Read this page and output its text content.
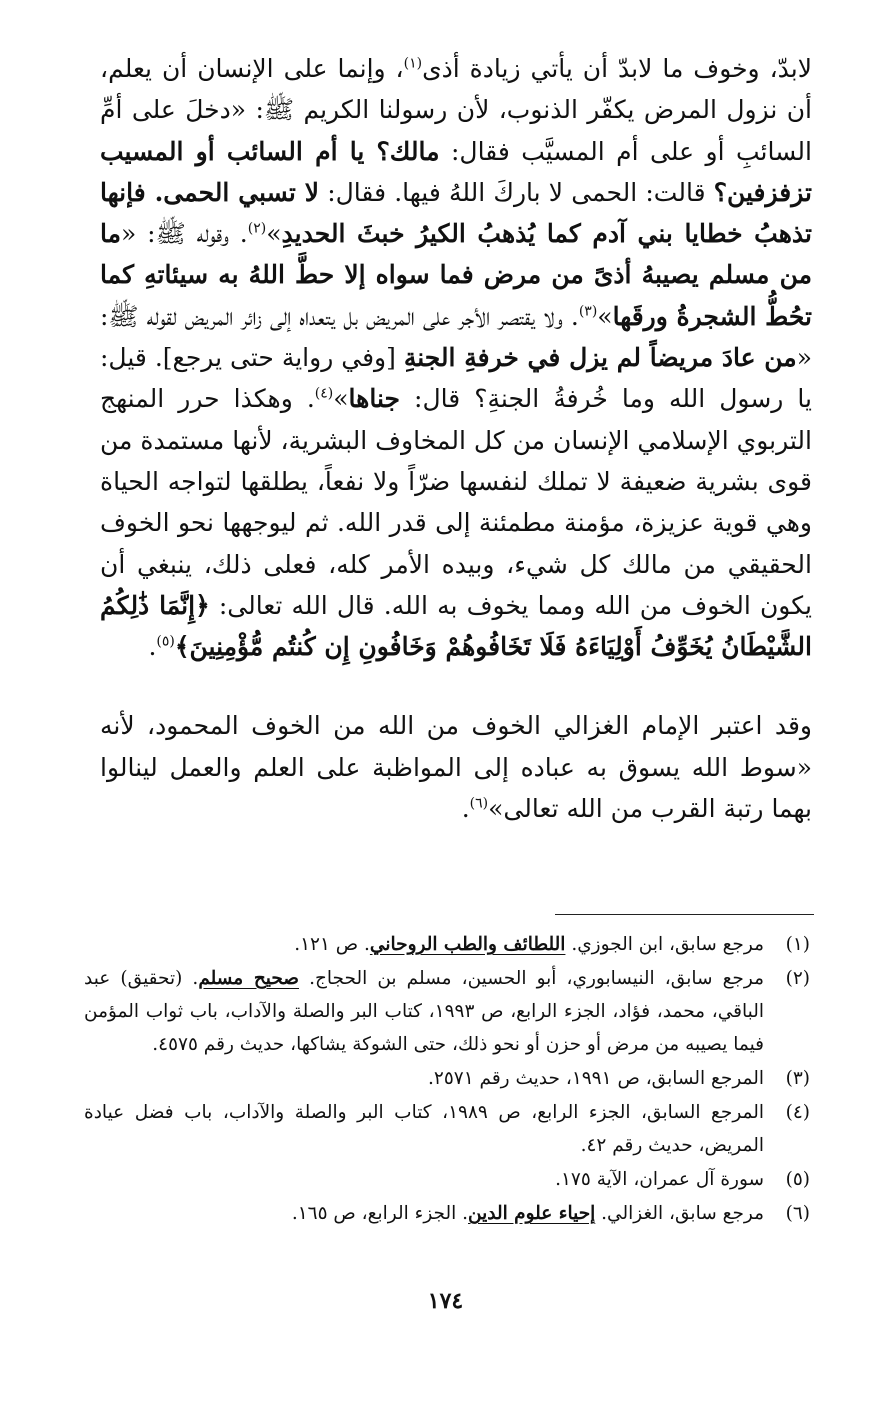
لابدّ، وخوف ما لابدّ أن يأتي زيادة أذى$^{(١)}$، وإنما على الإنسان أن يعلم، أن نزول المرض يكفّر الذنوب، لأن رسولنا الكريم ﷺ: «دخلَ على أمِّ السائبِ أو على أم المسيَّب فقال: مالك؟ يا أم السائب أو المسيب تزفزفين؟ قالت: الحمى لا باركَ اللهُ فيها. فقال: لا تسبي الحمى. فإنها تذهبُ خطايا بني آدم كما يُذهبُ الكيرُ خبثَ الحديدِ»$^{(٢)}$. وقوله ﷺ: «ما من مسلم يصيبهُ أذىً من مرض فما سواه إلا حطَّ اللهُ به سيئاتهِ كما تحُطُّ الشجرةُ ورقَها»$^{(٣)}$. ولا يقتصر الأجر على المريض بل يتعداه إلى زائر المريض لقوله ﷺ: «من عادَ مريضاً لم يزل في خرفةِ الجنةِ [وفي رواية حتى يرجع]. قيل: يا رسول الله وما خُرفةُ الجنةِ؟ قال: جناها»$^{(٤)}$. وهكذا حرر المنهج التربوي الإسلامي الإنسان من كل المخاوف البشرية، لأنها مستمدة من قوى بشرية ضعيفة لا تملك لنفسها ضرّاً ولا نفعاً، يطلقها لتواجه الحياة وهي قوية عزيزة، مؤمنة مطمئنة إلى قدر الله. ثم ليوجهها نحو الخوف الحقيقي من مالك كل شيء، وبيده الأمر كله، فعلى ذلك، ينبغي أن يكون الخوف من الله ومما يخوف به الله. قال الله تعالى: ﴿إِنَّمَا ذَٰلِكُمُ الشَّيْطَانُ يُخَوِّفُ أَوْلِيَاءَهُ فَلَا تَخَافُوهُمْ وَخَافُونِ إِن كُنتُم مُّؤْمِنِينَ﴾$^{(٥)}$.

وقد اعتبر الإمام الغزالي الخوف من الله من الخوف المحمود، لأنه «سوط الله يسوق به عباده إلى المواظبة على العلم والعمل لينالوا بهما رتبة القرب من الله تعالى»$^{(٦)}$.

(١)
مرجع سابق، ابن الجوزي. اللطائف والطب الروحاني. ص ١٢١.
(٢)
مرجع سابق، النيسابوري، أبو الحسين، مسلم بن الحجاج. صحيح مسلم. (تحقيق) عبد الباقي، محمد، فؤاد، الجزء الرابع، ص ١٩٩٣، كتاب البر والصلة والآداب، باب ثواب المؤمن فيما يصيبه من مرض أو حزن أو نحو ذلك، حتى الشوكة يشاكها، حديث رقم ٤٥٧٥.
(٣)
المرجع السابق، ص ١٩٩١، حديث رقم ٢٥٧١.
(٤)
المرجع السابق، الجزء الرابع، ص ١٩٨٩، كتاب البر والصلة والآداب، باب فضل عيادة المريض، حديث رقم ٤٢.
(٥)
سورة آل عمران، الآية ١٧٥.
(٦)
مرجع سابق، الغزالي. إحياء علوم الدين. الجزء الرابع، ص ١٦٥.
١٧٤
